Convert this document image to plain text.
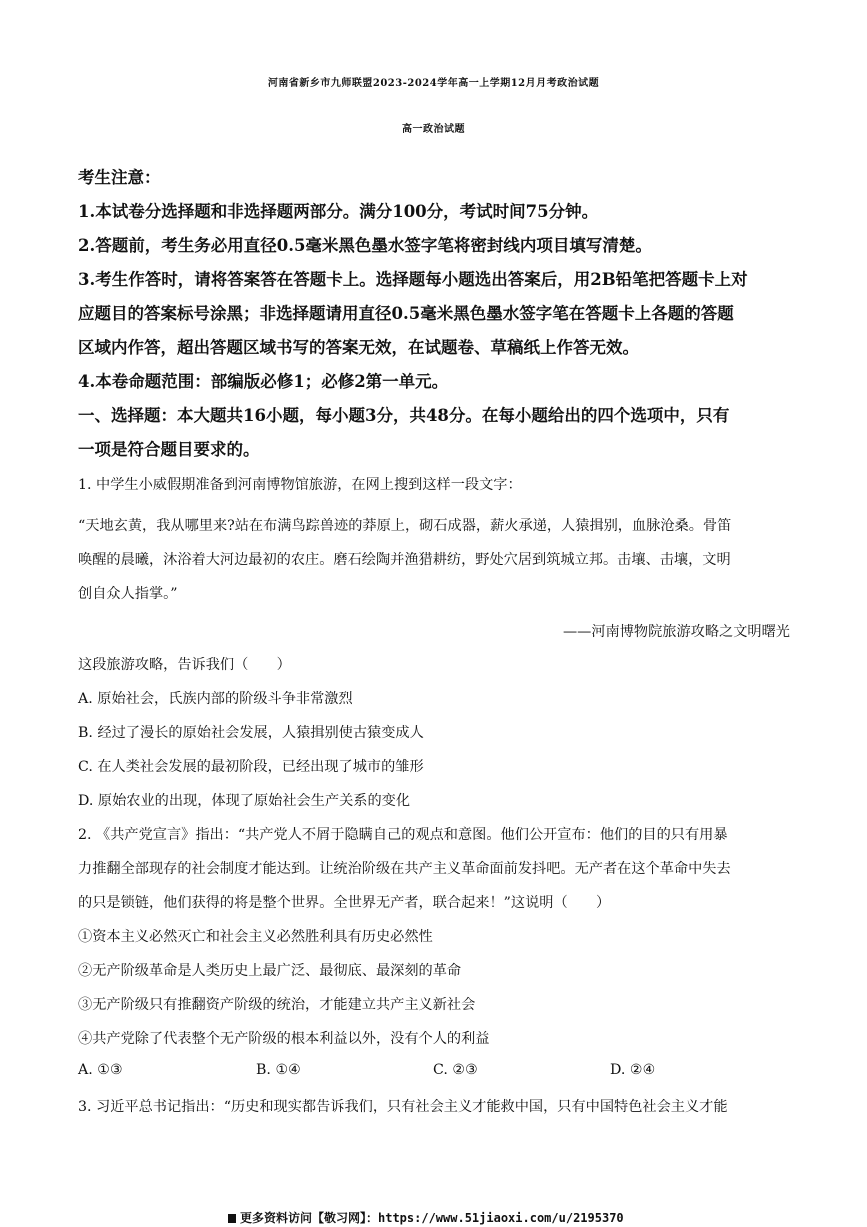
河南省新乡市九师联盟2023-2024学年高一上学期12月月考政治试题
高一政治试题
考生注意：
1.本试卷分选择题和非选择题两部分。满分100分，考试时间75分钟。
2.答题前，考生务必用直径0.5毫米黑色墨水签字笔将密封线内项目填写清楚。
3.考生作答时，请将答案答在答题卡上。选择题每小题选出答案后，用2B铅笔把答题卡上对
应题目的答案标号涂黑；非选择题请用直径0.5毫米黑色墨水签字笔在答题卡上各题的答题
区域内作答，超出答题区域书写的答案无效，在试题卷、草稿纸上作答无效。
4.本卷命题范围：部编版必修1；必修2第一单元。
一、选择题：本大题共16小题，每小题3分，共48分。在每小题给出的四个选项中，只有
一项是符合题目要求的。
1. 中学生小威假期准备到河南博物馆旅游，在网上搜到这样一段文字：
“天地玄黄，我从哪里来?站在布满鸟踪兽迹的莽原上，砌石成器，薪火承递，人猿揖别，血脉沧桑。骨笛
唤醒的晨曦，沐浴着大河边最初的农庄。磨石绘陶并渔猎耕纺，野处穴居到筑城立邦。击壤、击壤，文明
创自众人指掌。”
——河南博物院旅游攻略之文明曙光
这段旅游攻略，告诉我们（　　）
A. 原始社会，氏族内部的阶级斗争非常激烈
B. 经过了漫长的原始社会发展，人猿揖别使古猿变成人
C. 在人类社会发展的最初阶段，已经出现了城市的雏形
D. 原始农业的出现，体现了原始社会生产关系的变化
2. 《共产党宣言》指出：“共产党人不屑于隐瞒自己的观点和意图。他们公开宣布：他们的目的只有用暴
力推翻全部现存的社会制度才能达到。让统治阶级在共产主义革命面前发抖吧。无产者在这个革命中失去
的只是锁链，他们获得的将是整个世界。全世界无产者，联合起来！”这说明（　　）
①资本主义必然灭亡和社会主义必然胜利具有历史必然性
②无产阶级革命是人类历史上最广泛、最彻底、最深刻的革命
③无产阶级只有推翻资产阶级的统治，才能建立共产主义新社会
④共产党除了代表整个无产阶级的根本利益以外，没有个人的利益
A. ①③	B. ①④	C. ②③	D. ②④
3. 习近平总书记指出：“历史和现实都告诉我们，只有社会主义才能救中国，只有中国特色社会主义才能
更多资料访问【敬习网】：https://www.51jiaoxi.com/u/2195370
